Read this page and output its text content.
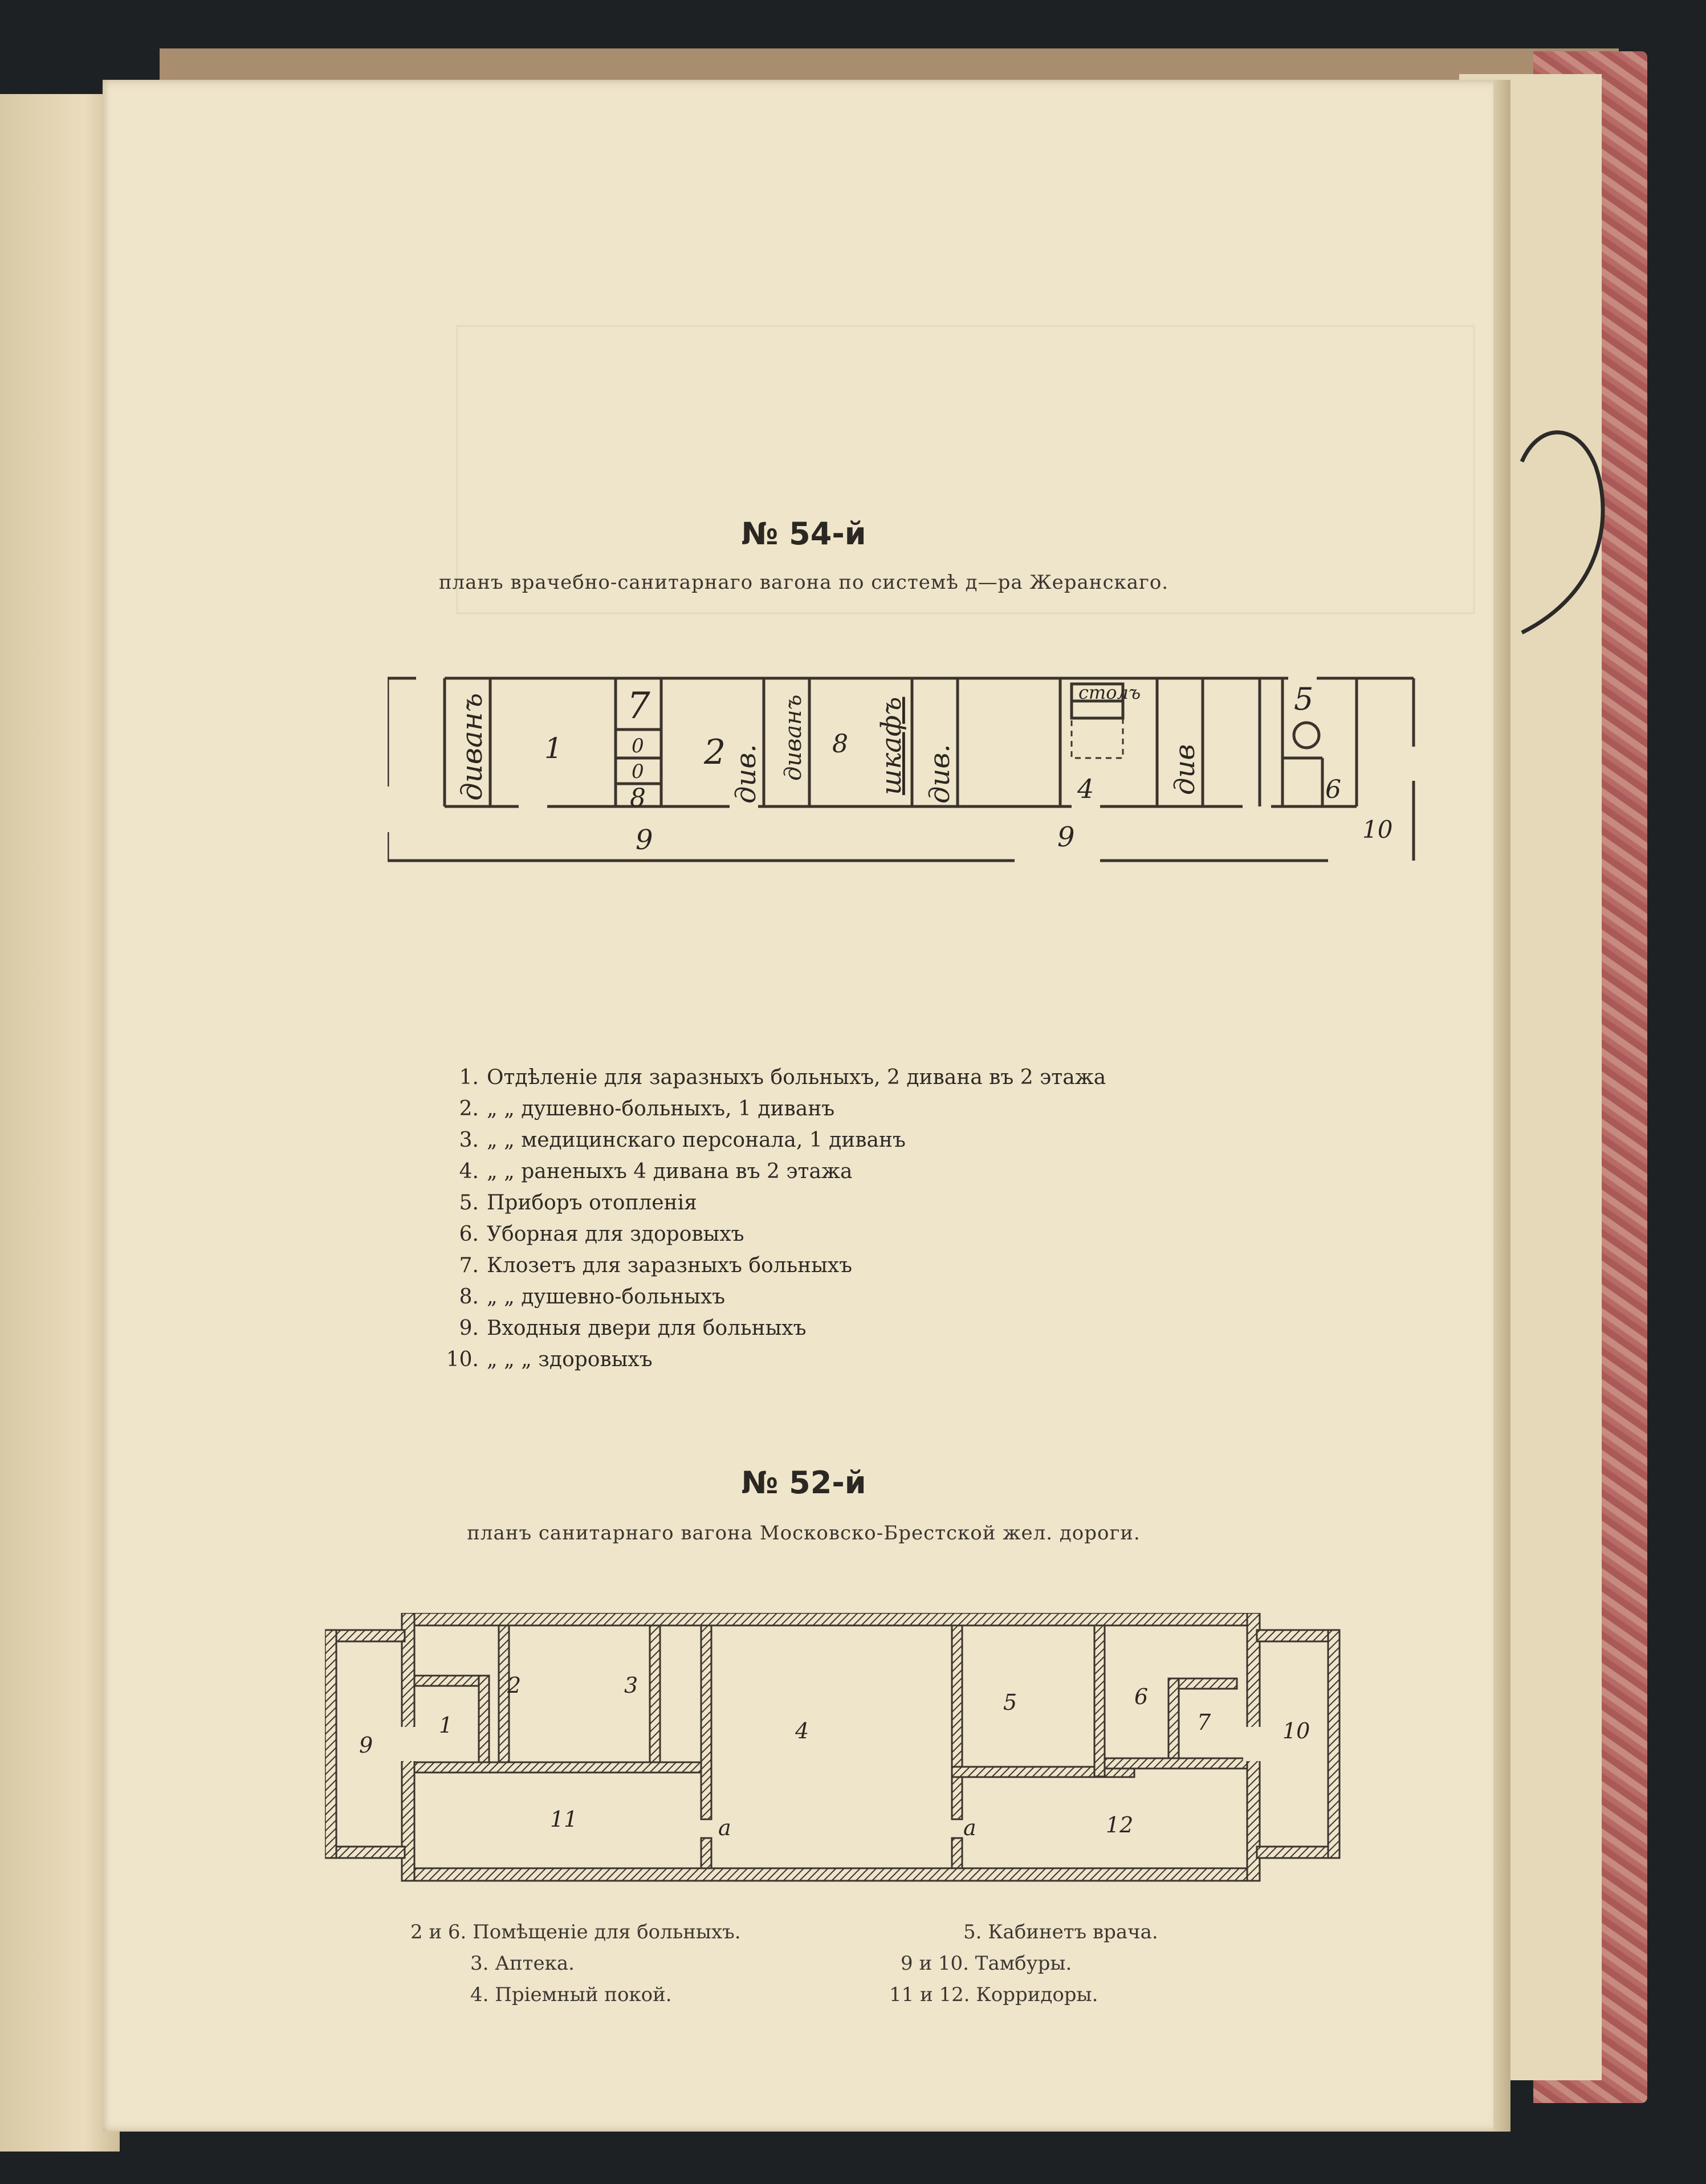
№ 54-й
планъ врачебно-санитарнаго вагона по системѣ д—ра Жеранскаго.
диванъ 1
7
0
0
8
2 див. диванъ 8 шкафъ див.
столъ
4	див
5
6
9	9	10
1. Отдѣленіе для заразныхъ больныхъ, 2 дивана въ 2 этажа
2. „ „ душевно-больныхъ, 1 диванъ
3. „ „ медицинскаго персонала, 1 диванъ
4. „ „ раненыхъ 4 дивана въ 2 этажа
5. Приборъ отопленія
6. Уборная для здоровыхъ
7. Клозетъ для заразныхъ больныхъ
8. „ „ душевно-больныхъ
9. Входныя двери для больныхъ
10. „ „ „ здоровыхъ
№ 52-й
планъ санитарнаго вагона Московско-Брестской жел. дороги.
9
1
2	3
4
5	6
7	10
11	12
a	a
2 и 6. Помѣщеніе для больныхъ.
3. Аптека.
4. Пріемный покой.
5. Кабинетъ врача.
9 и 10. Тамбуры.
11 и 12. Корридоры.
